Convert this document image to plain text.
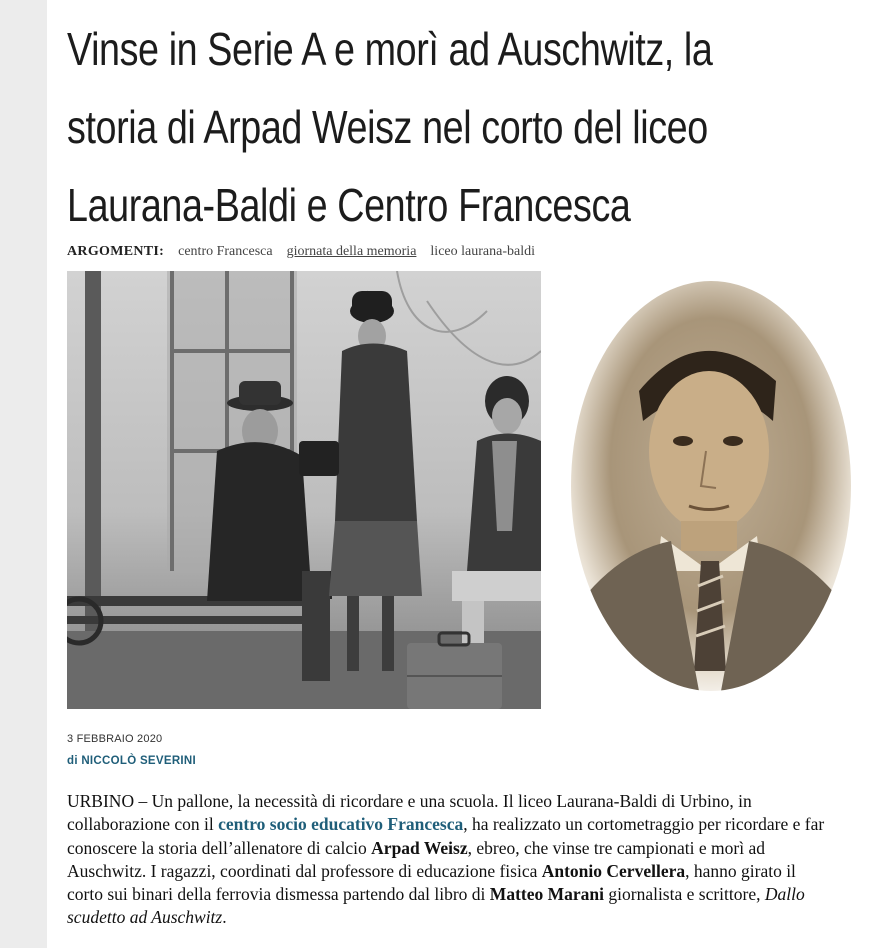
Vinse in Serie A e morì ad Auschwitz, la
storia di Arpad Weisz nel corto del liceo
Laurana-Baldi e Centro Francesca
ARGOMENTI: centro Francesca giornata della memoria liceo laurana-baldi
3 FEBBRAIO 2020
di NICCOLÒ SEVERINI

URBINO – Un pallone, la necessità di ricordare e una scuola. Il liceo Laurana-Baldi di Urbino, in collaborazione con il centro socio educativo Francesca, ha realizzato un cortometraggio per ricordare e far conoscere la storia dell’allenatore di calcio Arpad Weisz, ebreo, che vinse tre campionati e morì ad Auschwitz. I ragazzi, coordinati dal professore di educazione fisica Antonio Cervellera, hanno girato il corto sui binari della ferrovia dismessa partendo dal libro di Matteo Marani giornalista e scrittore, Dallo scudetto ad Auschwitz.
